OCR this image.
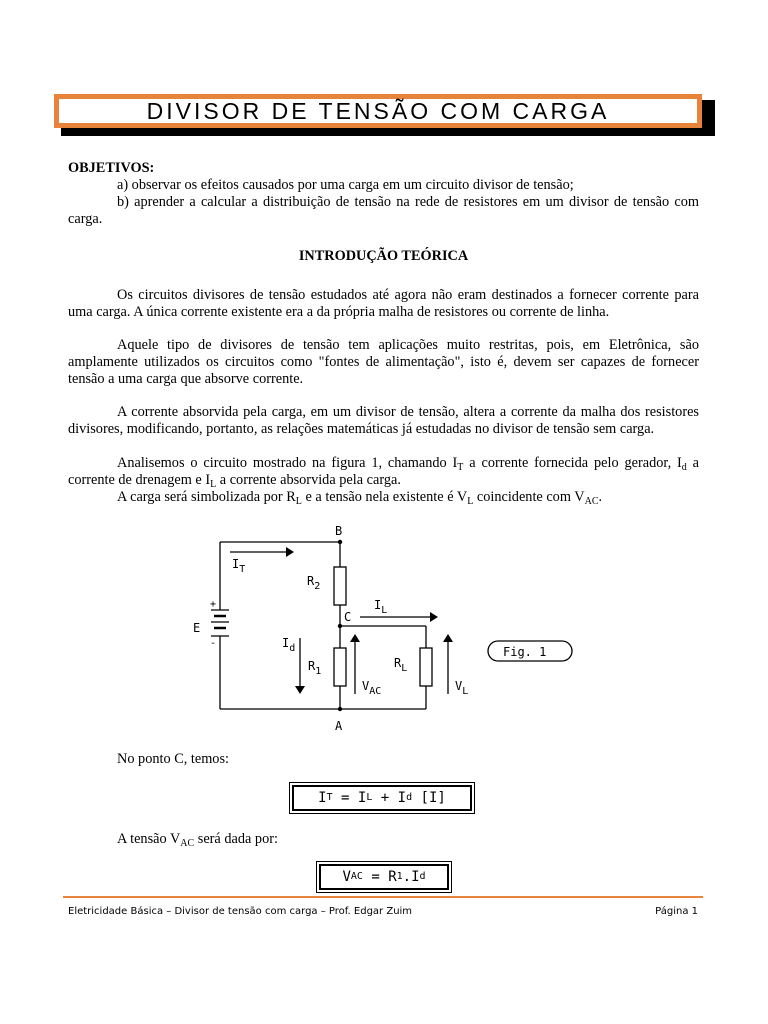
DIVISOR DE TENSÃO COM CARGA

OBJETIVOS:

a) observar os efeitos causados por uma carga em um circuito divisor de tensão;

b) aprender a calcular a distribuição de tensão na rede de resistores em um divisor de tensão com carga.

INTRODUÇÃO TEÓRICA
Os circuitos divisores de tensão estudados até agora não eram destinados a fornecer corrente para uma carga. A única corrente existente era a da própria malha de resistores ou corrente de linha.
Aquele tipo de divisores de tensão tem aplicações muito restritas, pois, em Eletrônica, são amplamente utilizados os circuitos como "fontes de alimentação", isto é, devem ser capazes de fornecer tensão a uma carga que absorve corrente.
A corrente absorvida pela carga, em um divisor de tensão, altera a corrente da malha dos resistores divisores, modificando, portanto, as relações matemáticas já estudadas no divisor de tensão sem carga.
Analisemos o circuito mostrado na figura 1, chamando $I_T$ a corrente fornecida pelo gerador, $I_d$ a corrente de drenagem e $I_L$ a corrente absorvida pela carga.
A carga será simbolizada por $R_L$ e a tensão nela existente é $V_L$ coincidente com $V_{AC}$.
B
C
A
E
+
-
$I_T$
$R_2$
$I_L$
$I_d$
$R_1$
$V_{AC}$
$R_L$
$V_L$
Fig. 1
No ponto C, temos:
I T = I L + I d [I]
A tensão $V_{AC}$ será dada por:
V AC = R 1 .I d
Eletricidade Básica – Divisor de tensão com carga – Prof. Edgar Zuim	Página 1
